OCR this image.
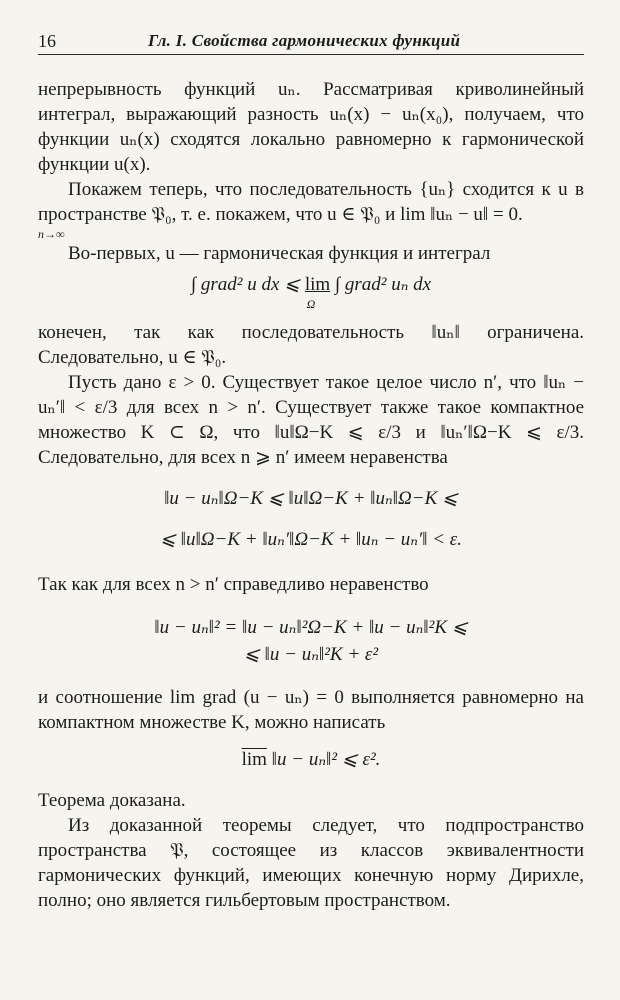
16	Гл. I. Свойства гармонических функций

непрерывность функций uₙ. Рассматривая криволинейный интеграл, выражающий разность uₙ(x) − uₙ(x₀), получаем, что функции uₙ(x) сходятся локально равномерно к гармонической функции u(x).

Покажем теперь, что последовательность {uₙ} сходится к u в пространстве 𝔓₀, т. е. покажем, что u ∈ 𝔓₀ и lim ‖uₙ − u‖ = 0.

n→∞

Во-первых, u — гармоническая функция и интеграл

∫ grad² u dx ⩽ lim ∫ grad² uₙ dx
Ω

конечен, так как последовательность ‖uₙ‖ ограничена. Следовательно, u ∈ 𝔓₀.

Пусть дано ε > 0. Существует такое целое число n′, что ‖uₙ − uₙ′‖ < ε/3 для всех n > n′. Существует также такое компактное множество K ⊂ Ω, что ‖u‖Ω−K ⩽ ε/3 и ‖uₙ′‖Ω−K ⩽ ε/3. Следовательно, для всех n ⩾ n′ имеем неравенства

‖u − uₙ‖Ω−K ⩽ ‖u‖Ω−K + ‖uₙ‖Ω−K ⩽
⩽ ‖u‖Ω−K + ‖uₙ′‖Ω−K + ‖uₙ − uₙ′‖ < ε.

Так как для всех n > n′ справедливо неравенство

‖u − uₙ‖² = ‖u − uₙ‖²Ω−K + ‖u − uₙ‖²K ⩽
⩽ ‖u − uₙ‖²K + ε²

и соотношение lim grad (u − uₙ) = 0 выполняется равномерно на компактном множестве K, можно написать

$\overline{lim}$ ‖u − uₙ‖² ⩽ ε².

Теорема доказана.

Из доказанной теоремы следует, что подпространство пространства 𝔓, состоящее из классов эквивалентности гармонических функций, имеющих конечную норму Дирихле, полно; оно является гильбертовым пространством.
